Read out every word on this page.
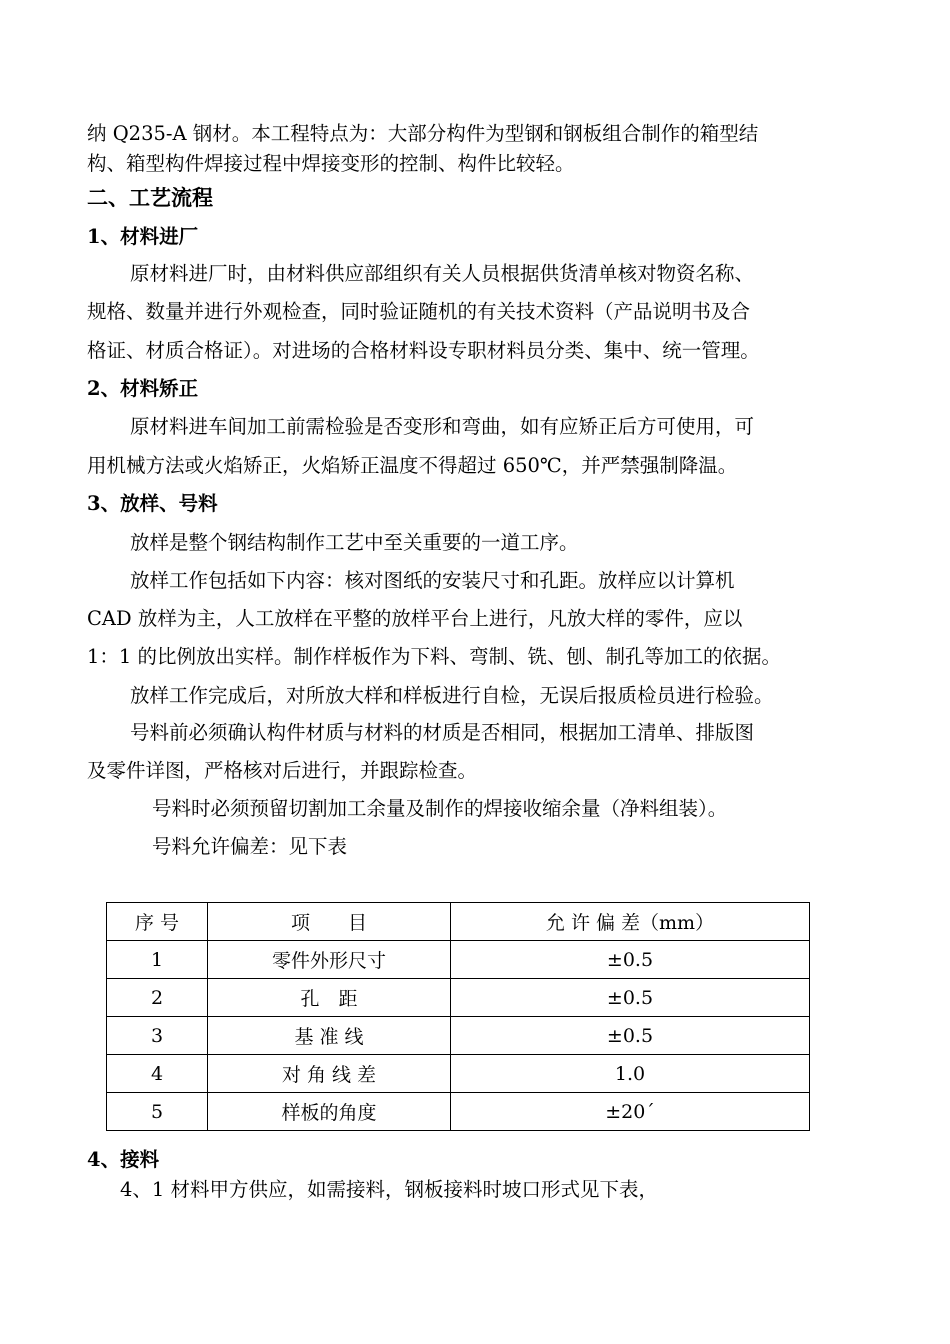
纳 Q235-A 钢材。本工程特点为：大部分构件为型钢和钢板组合制作的箱型结
构、箱型构件焊接过程中焊接变形的控制、构件比较轻。
二、工艺流程
1、材料进厂
原材料进厂时，由材料供应部组织有关人员根据供货清单核对物资名称、
规格、数量并进行外观检查，同时验证随机的有关技术资料（产品说明书及合
格证、材质合格证）。对进场的合格材料设专职材料员分类、集中、统一管理。
2、材料矫正
原材料进车间加工前需检验是否变形和弯曲，如有应矫正后方可使用，可
用机械方法或火焰矫正，火焰矫正温度不得超过 650℃，并严禁强制降温。
3、放样、号料
放样是整个钢结构制作工艺中至关重要的一道工序。
放样工作包括如下内容：核对图纸的安装尺寸和孔距。放样应以计算机
CAD 放样为主，人工放样在平整的放样平台上进行，凡放大样的零件，应以
1：1 的比例放出实样。制作样板作为下料、弯制、铣、刨、制孔等加工的依据。
放样工作完成后，对所放大样和样板进行自检，无误后报质检员进行检验。
号料前必须确认构件材质与材料的材质是否相同，根据加工清单、排版图
及零件详图，严格核对后进行，并跟踪检查。
号料时必须预留切割加工余量及制作的焊接收缩余量（净料组装）。
号料允许偏差：见下表
序 号	项　　目	允 许 偏 差（mm）
1	零件外形尺寸	±0.5
2	孔　距	±0.5
3	基 准 线	±0.5
4	对 角 线 差	1.0
5	样板的角度	±20ˊ
4、接料
4、1 材料甲方供应，如需接料，钢板接料时坡口形式见下表，
